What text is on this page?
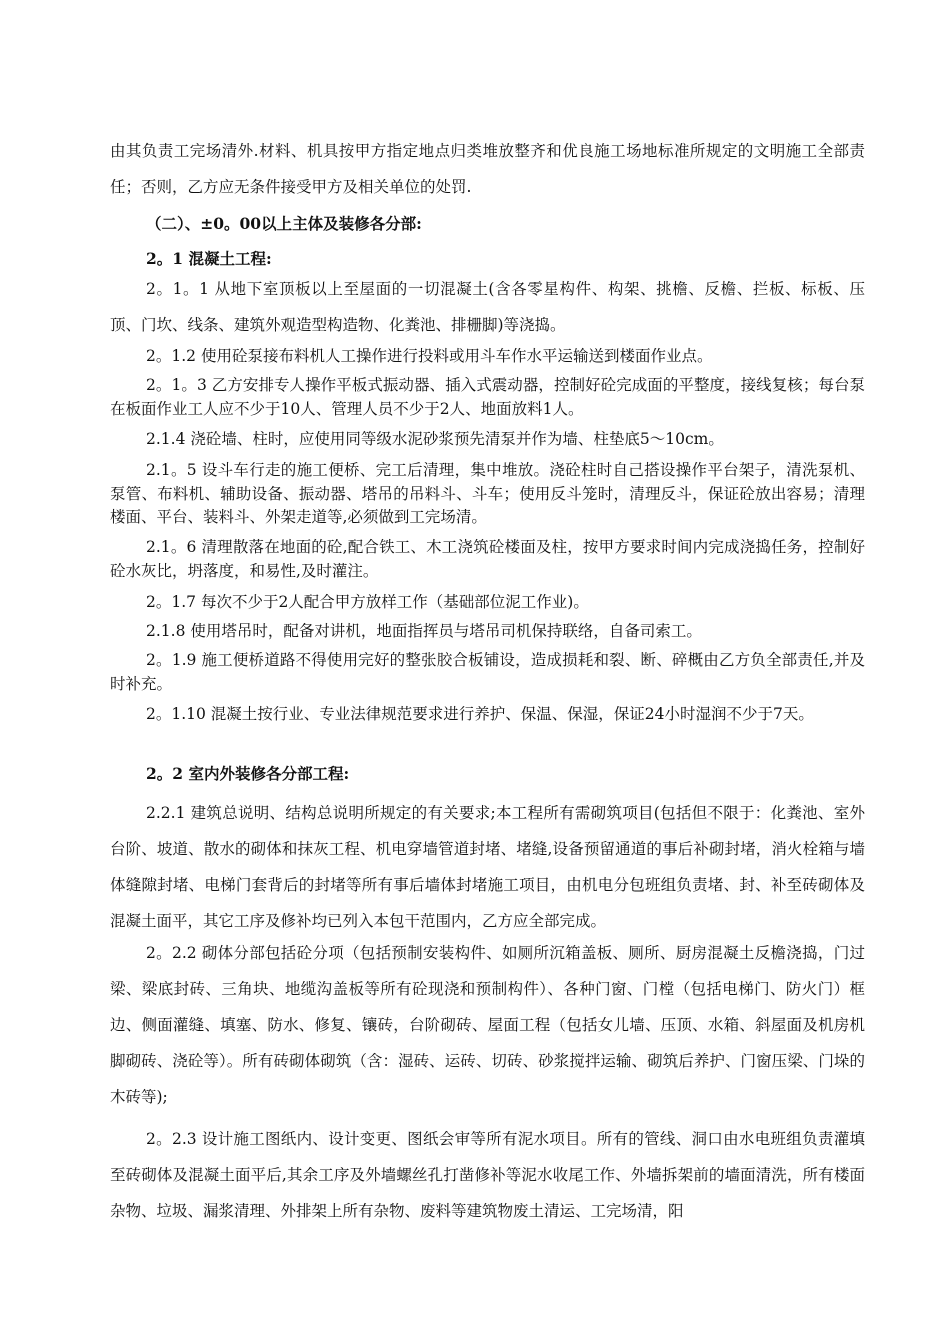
由其负责工完场清外.材料、机具按甲方指定地点归类堆放整齐和优良施工场地标准所规定的文明施工全部责任；否则，乙方应无条件接受甲方及相关单位的处罚.

（二）、±0。00以上主体及装修各分部:

2。1 混凝土工程:

2。1。1 从地下室顶板以上至屋面的一切混凝土(含各零星构件、构架、挑檐、反檐、拦板、标板、压顶、门坎、线条、建筑外观造型构造物、化粪池、排栅脚)等浇捣。

2。1.2 使用砼泵接布料机人工操作进行投料或用斗车作水平运输送到楼面作业点。

2。1。3 乙方安排专人操作平板式振动器、插入式震动器，控制好砼完成面的平整度，接线复核；每台泵在板面作业工人应不少于10人、管理人员不少于2人、地面放料1人。

2.1.4 浇砼墙、柱时，应使用同等级水泥砂浆预先清泵并作为墙、柱垫底5～10cm。

2.1。5 设斗车行走的施工便桥、完工后清理，集中堆放。浇砼柱时自己搭设操作平台架子，清洗泵机、泵管、布料机、辅助设备、振动器、塔吊的吊料斗、斗车；使用反斗笼时，清理反斗，保证砼放出容易；清理楼面、平台、装料斗、外架走道等,必须做到工完场清。

2.1。6 清理散落在地面的砼,配合铁工、木工浇筑砼楼面及柱，按甲方要求时间内完成浇捣任务，控制好砼水灰比，坍落度，和易性,及时灌注。

2。1.7 每次不少于2人配合甲方放样工作（基础部位泥工作业)。

2.1.8 使用塔吊时，配备对讲机，地面指挥员与塔吊司机保持联络，自备司索工。

2。1.9 施工便桥道路不得使用完好的整张胶合板铺设，造成损耗和裂、断、碎概由乙方负全部责任,并及时补充。

2。1.10 混凝土按行业、专业法律规范要求进行养护、保温、保湿，保证24小时湿润不少于7天。

2。2 室内外装修各分部工程:

2.2.1 建筑总说明、结构总说明所规定的有关要求;本工程所有需砌筑项目(包括但不限于：化粪池、室外台阶、坡道、散水的砌体和抹灰工程、机电穿墙管道封堵、堵缝,设备预留通道的事后补砌封堵，消火栓箱与墙体缝隙封堵、电梯门套背后的封堵等所有事后墙体封堵施工项目，由机电分包班组负责堵、封、补至砖砌体及混凝土面平，其它工序及修补均已列入本包干范围内，乙方应全部完成。

2。2.2 砌体分部包括砼分项（包括预制安装构件、如厕所沉箱盖板、厕所、厨房混凝土反檐浇捣，门过梁、梁底封砖、三角块、地缆沟盖板等所有砼现浇和预制构件）、各种门窗、门樘（包括电梯门、防火门）框边、侧面灌缝、填塞、防水、修复、镶砖，台阶砌砖、屋面工程（包括女儿墙、压顶、水箱、斜屋面及机房机脚砌砖、浇砼等）。所有砖砌体砌筑（含：湿砖、运砖、切砖、砂浆搅拌运输、砌筑后养护、门窗压梁、门垛的木砖等);

2。2.3 设计施工图纸内、设计变更、图纸会审等所有泥水项目。所有的管线、洞口由水电班组负责灌填至砖砌体及混凝土面平后,其余工序及外墙螺丝孔打凿修补等泥水收尾工作、外墙拆架前的墙面清洗，所有楼面杂物、垃圾、漏浆清理、外排架上所有杂物、废料等建筑物废土清运、工完场清，阳
